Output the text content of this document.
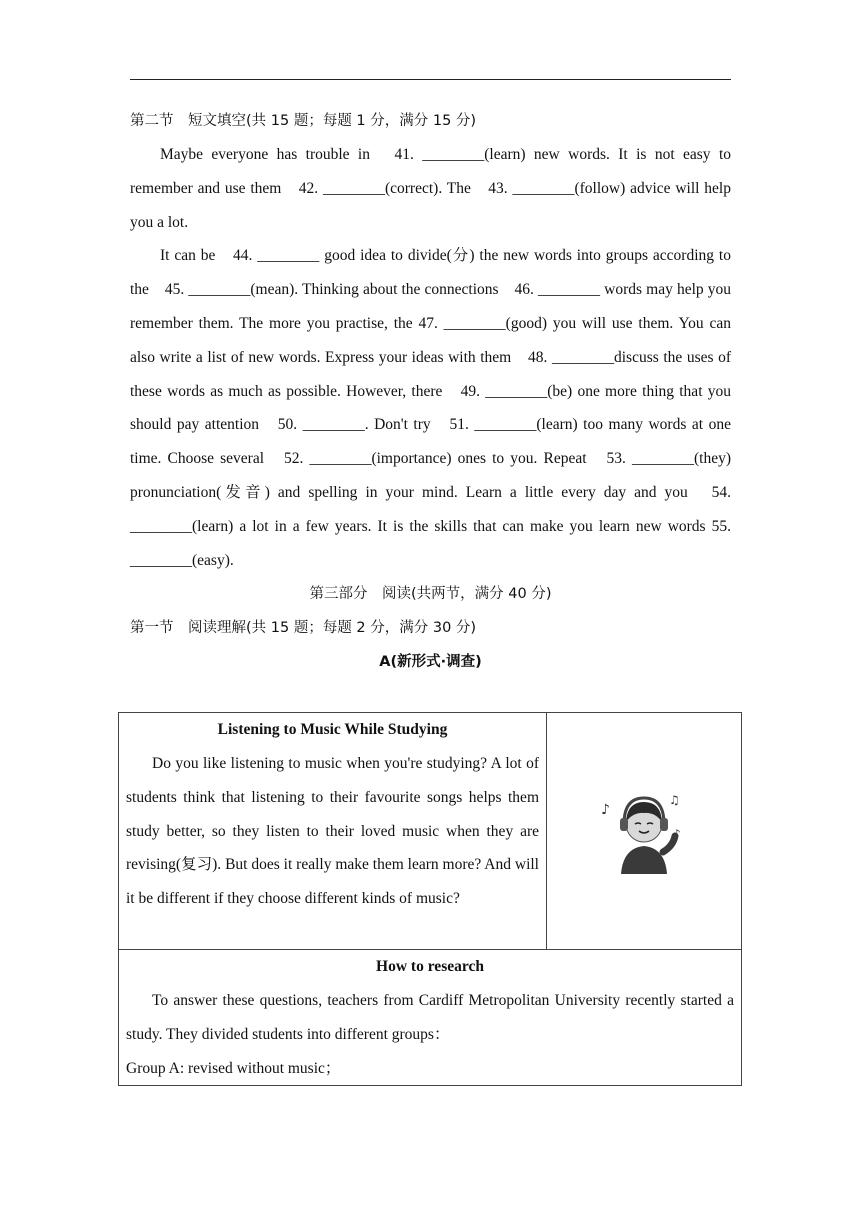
第二节　短文填空(共 15 题；每题 1 分，满分 15 分)

Maybe everyone has trouble in　41. ________(learn) new words. It is not easy to remember and use them　42. ________(correct). The　43. ________(follow) advice will help you a lot.

It can be　44. ________ good idea to divide(分) the new words into groups according to the　45. ________(mean). Thinking about the connections　46. ________ words may help you remember them. The more you practise, the 47. ________(good) you will use them. You can also write a list of new words. Express your ideas with them　48. ________discuss the uses of these words as much as possible. However, there　49. ________(be) one more thing that you should pay attention　50. ________. Don't try　51. ________(learn) too many words at one time. Choose several　52. ________(importance) ones to you. Repeat　53. ________(they) pronunciation(发音) and spelling in your mind. Learn a little every day and you　54. ________(learn) a lot in a few years. It is the skills that can make you learn new words 55. ________(easy).

第三部分　阅读(共两节，满分 40 分)
第一节　阅读理解(共 15 题；每题 2 分，满分 30 分)
A(新形式·调查)
Listening to Music While Studying

Do you like listening to music when you're studying? A lot of students think that listening to their favourite songs helps them study better, so they listen to their loved music when they are revising(复习). But does it really make them learn more? And will it be different if they choose different kinds of music?

♪
♫
♪

How to research

To answer these questions, teachers from Cardiff Metropolitan University recently started a study. They divided students into different groups：

Group A: revised without music；
